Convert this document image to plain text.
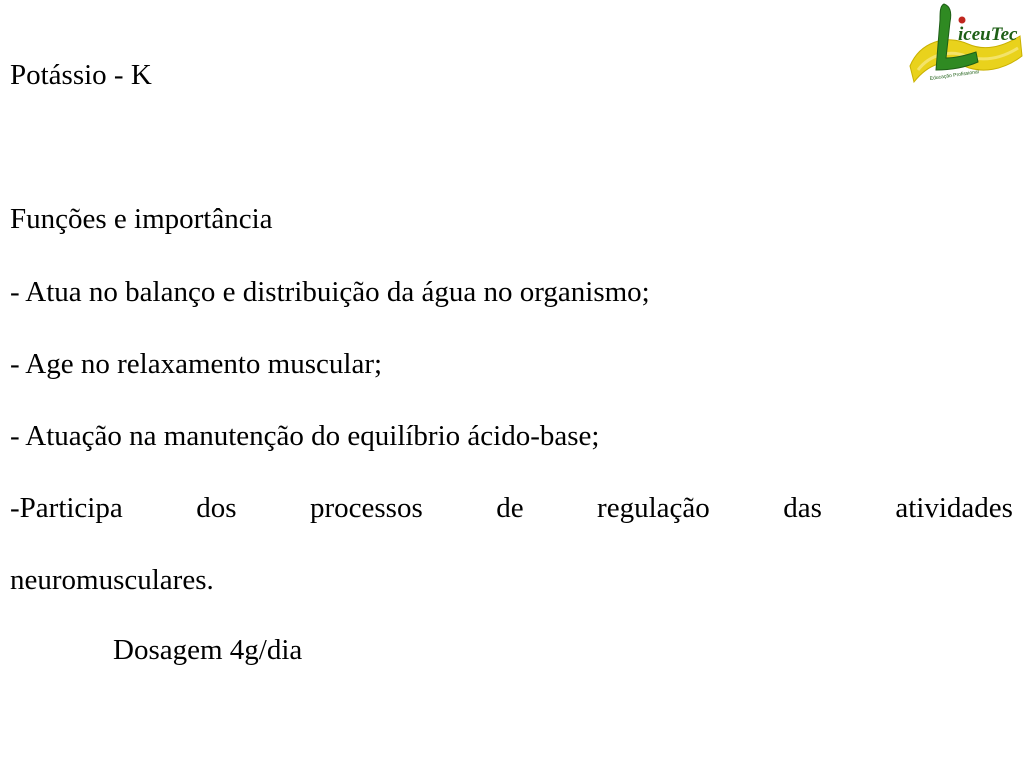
iceuTec
Educação Profissional
Potássio - K
Funções e importância
- Atua no balanço e distribuição da água no organismo;
- Age no relaxamento muscular;
- Atuação na manutenção do equilíbrio ácido-base;
-Participa	dos	processos	de	regulação	das	atividades
neuromusculares.
Dosagem 4g/dia
